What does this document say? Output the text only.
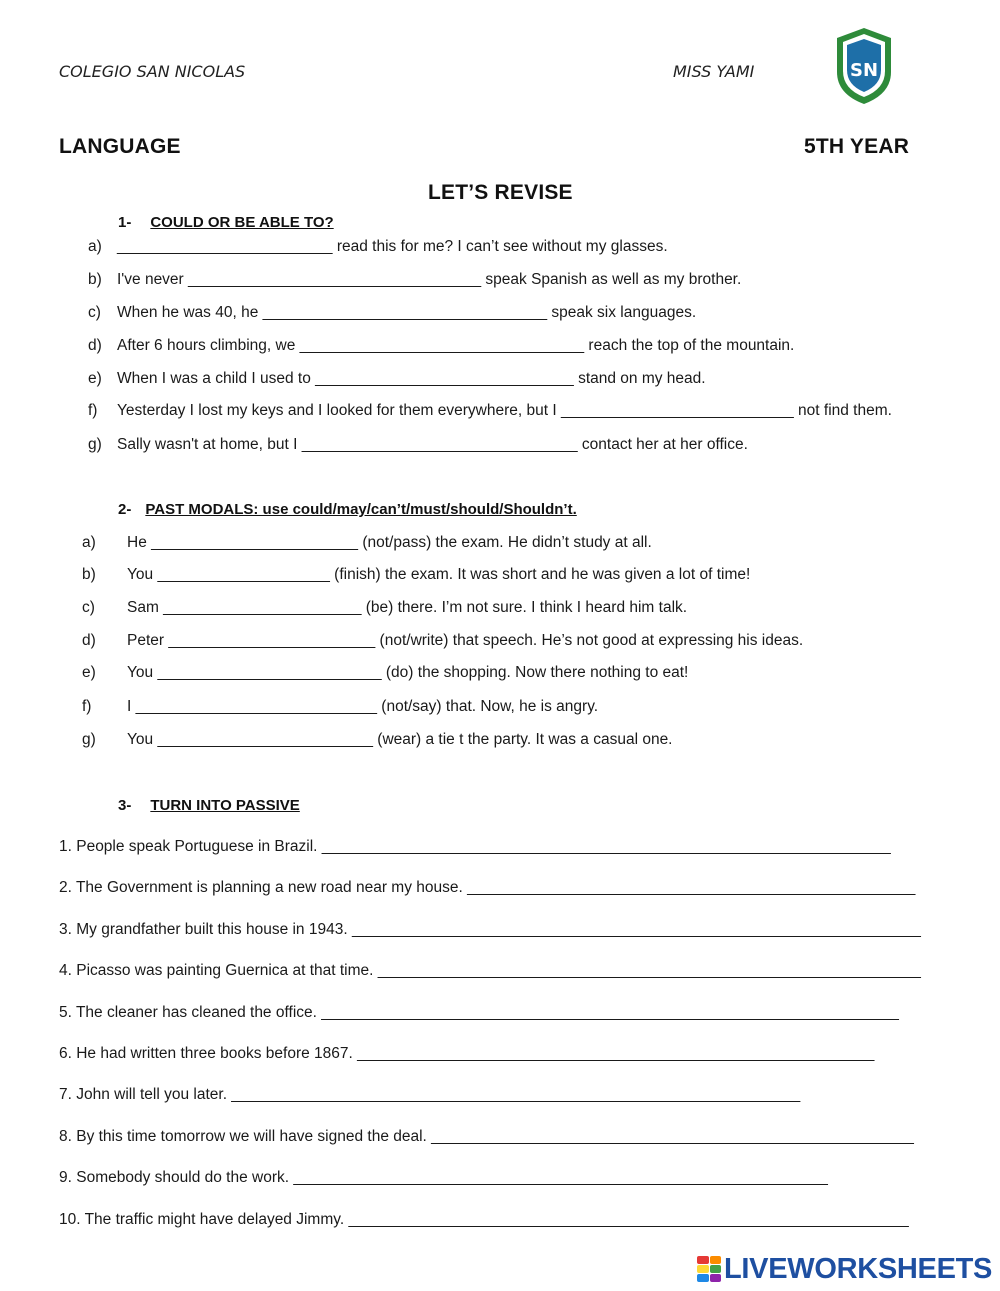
COLEGIO SAN NICOLAS	MISS YAMI	SN
LANGUAGE	5TH YEAR
LET’S REVISE
1- COULD OR BE ABLE TO?
a) _________________________ read this for me? I can’t see without my glasses.
b) I've never __________________________________ speak Spanish as well as my brother.
c) When he was 40, he _________________________________ speak six languages.
d) After 6 hours climbing, we _________________________________ reach the top of the mountain.
e) When I was a child I used to ______________________________ stand on my head.
f) Yesterday I lost my keys and I looked for them everywhere, but I ___________________________ not find them.
g) Sally wasn't at home, but I ________________________________ contact her at her office.
2- PAST MODALS: use could/may/can’t/must/should/Shouldn’t.
a) He ________________________ (not/pass) the exam. He didn’t study at all.
b) You ____________________ (finish) the exam. It was short and he was given a lot of time!
c) Sam _______________________ (be) there. I’m not sure. I think I heard him talk.
d) Peter ________________________ (not/write) that speech. He’s not good at expressing his ideas.
e) You __________________________ (do) the shopping. Now there nothing to eat!
f) I ____________________________ (not/say) that. Now, he is angry.
g) You _________________________ (wear) a tie t the party. It was a casual one.
3- TURN INTO PASSIVE
1. People speak Portuguese in Brazil. __________________________________________________________________
2. The Government is planning a new road near my house. ____________________________________________________
3. My grandfather built this house in 1943. __________________________________________________________________
4. Picasso was painting Guernica at that time. _______________________________________________________________
5. The cleaner has cleaned the office. ___________________________________________________________________
6. He had written three books before 1867. ____________________________________________________________
7. John will tell you later. __________________________________________________________________
8. By this time tomorrow we will have signed the deal. ________________________________________________________
9. Somebody should do the work. ______________________________________________________________
10. The traffic might have delayed Jimmy. _________________________________________________________________
LIVEWORKSHEETS
